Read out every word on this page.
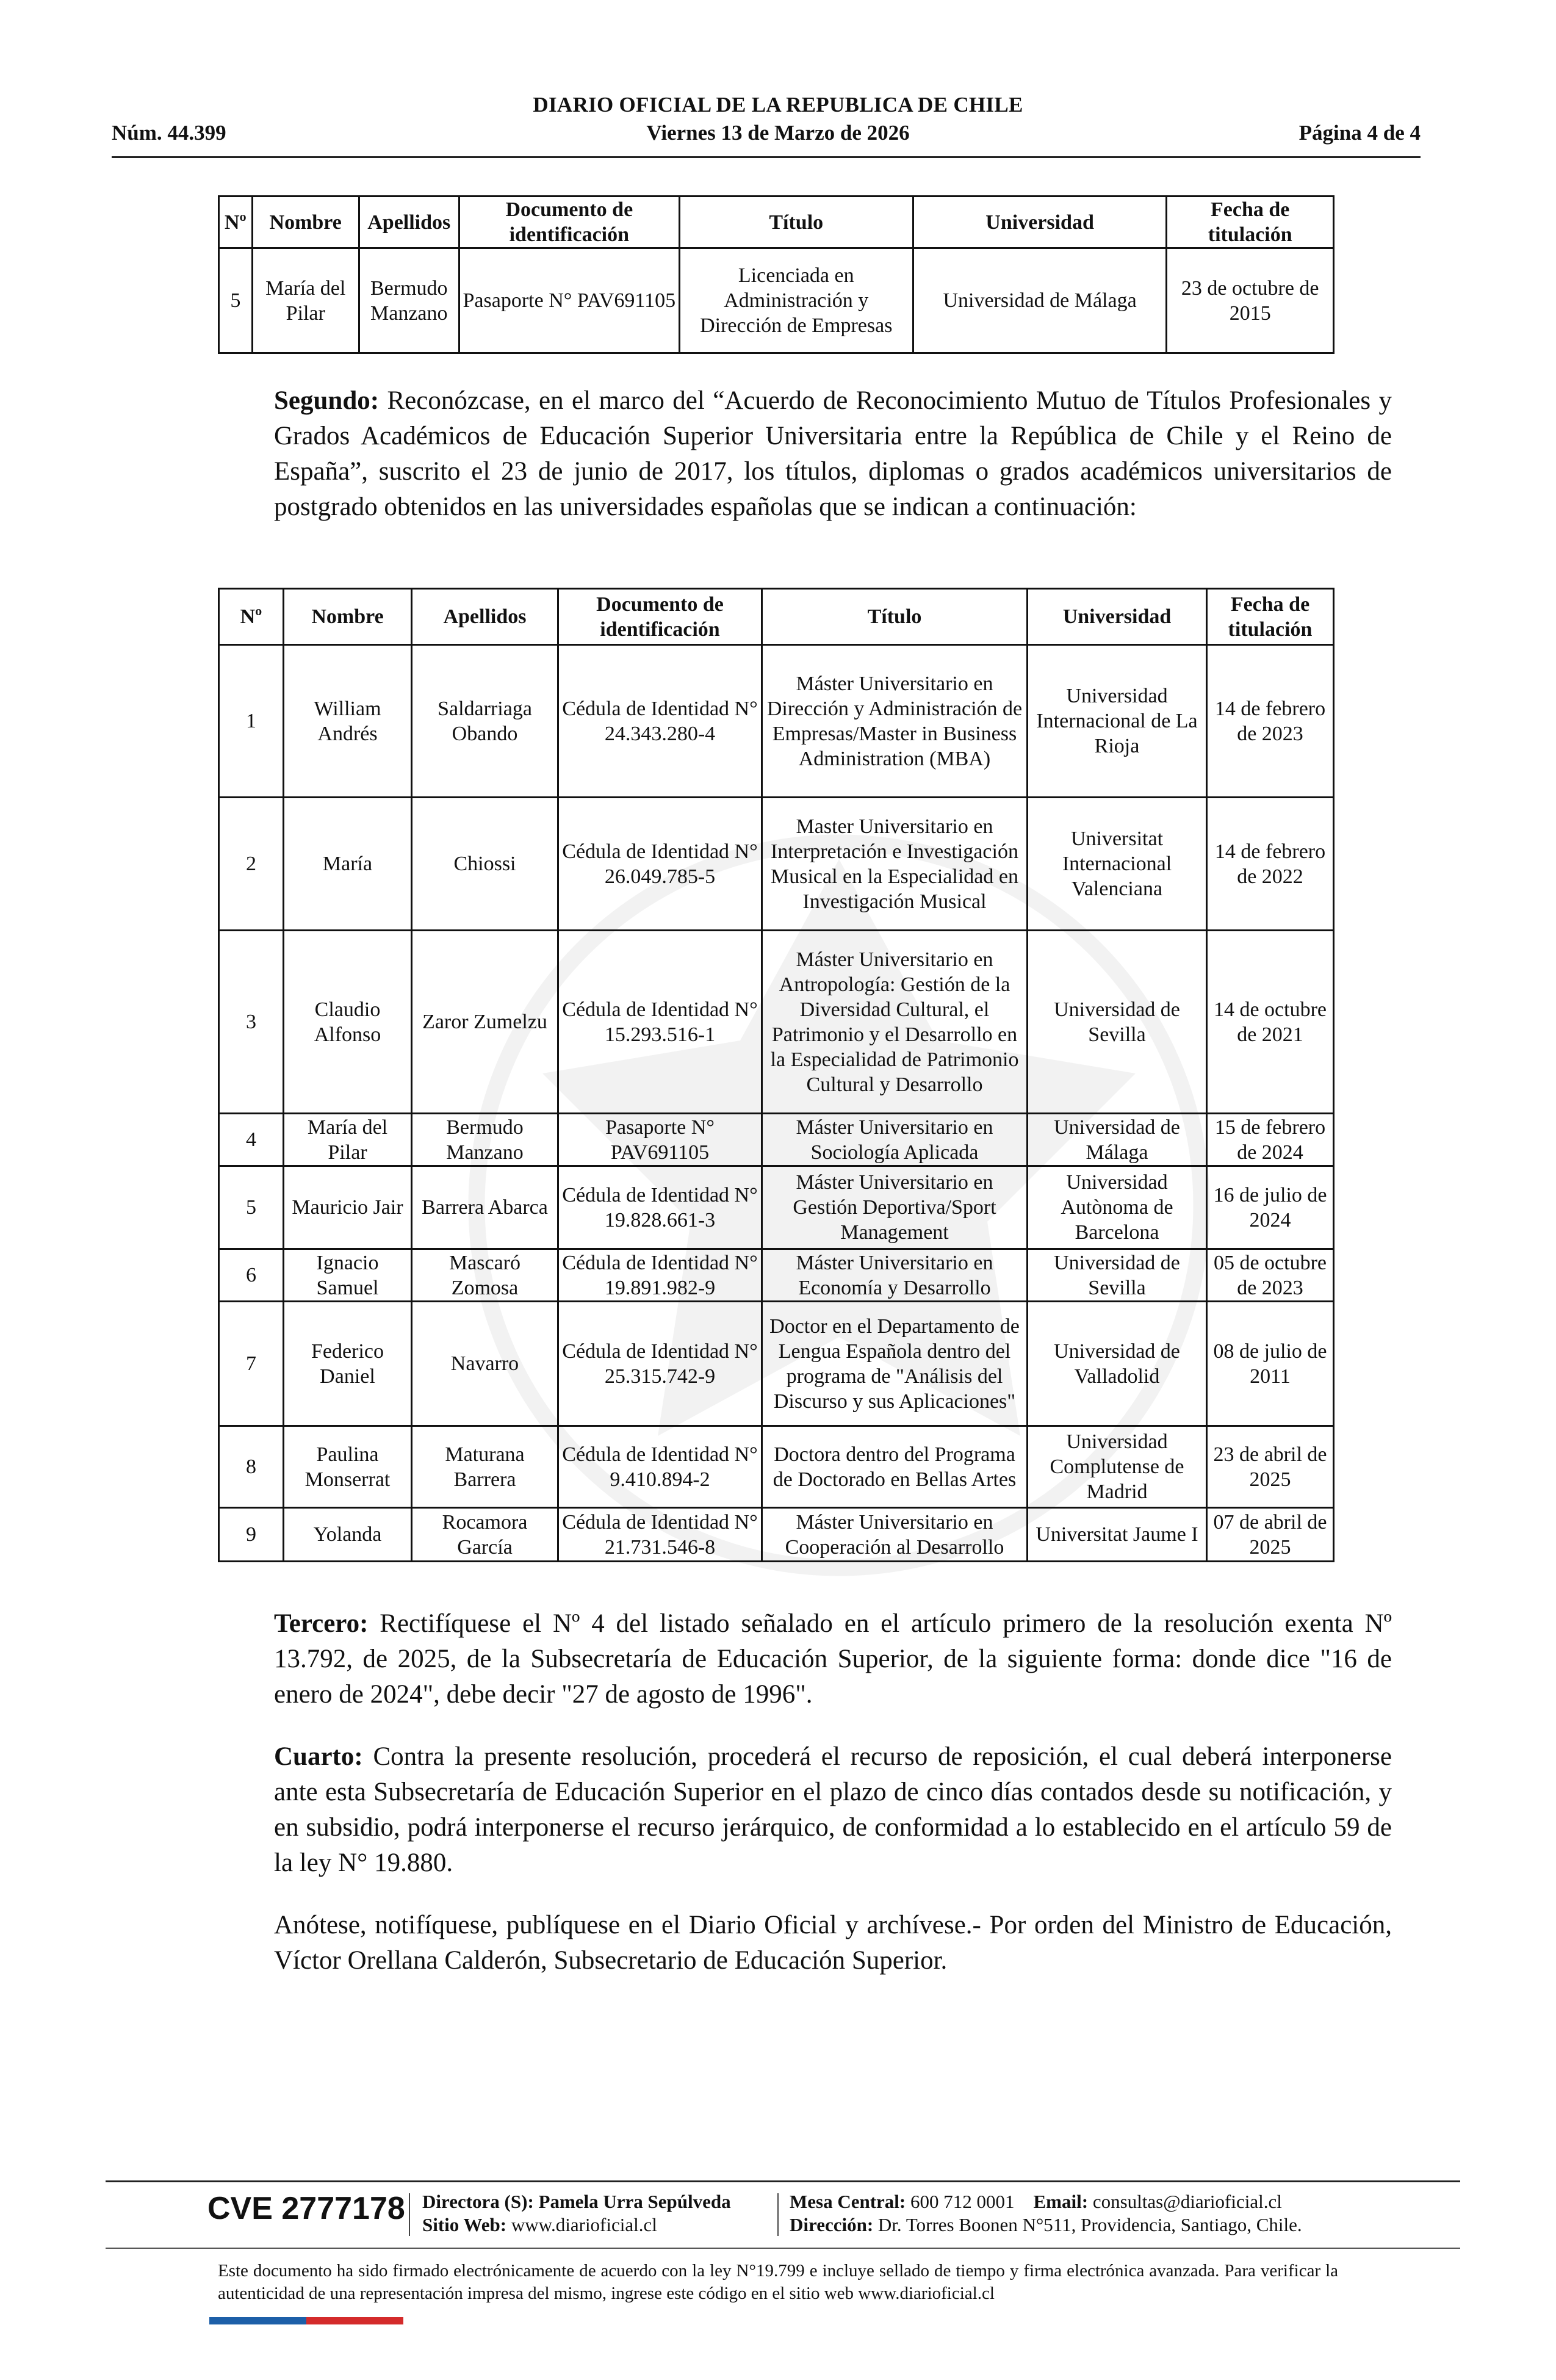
DIARIO OFICIAL DE LA REPUBLICA DE CHILE
Núm. 44.399	Viernes 13 de Marzo de 2026	Página 4 de 4
Nº	Nombre	Apellidos	Documento de identificación	Título	Universidad	Fecha de titulación
5	María del Pilar	Bermudo Manzano	Pasaporte N° PAV691105	Licenciada en Administración y Dirección de Empresas	Universidad de Málaga	23 de octubre de 2015
Segundo: Reconózcase, en el marco del “Acuerdo de Reconocimiento Mutuo de Títulos Profesionales y Grados Académicos de Educación Superior Universitaria entre la República de Chile y el Reino de España”, suscrito el 23 de junio de 2017, los títulos, diplomas o grados académicos universitarios de postgrado obtenidos en las universidades españolas que se indican a continuación:
Nº	Nombre	Apellidos	Documento de identificación	Título	Universidad	Fecha de titulación
1	William Andrés	Saldarriaga Obando	Cédula de Identidad N° 24.343.280-4	Máster Universitario en Dirección y Administración de Empresas/Master in Business Administration (MBA)	Universidad Internacional de La Rioja	14 de febrero de 2023
2	María	Chiossi	Cédula de Identidad N° 26.049.785-5	Master Universitario en Interpretación e Investigación Musical en la Especialidad en Investigación Musical	Universitat Internacional Valenciana	14 de febrero de 2022
3	Claudio Alfonso	Zaror Zumelzu	Cédula de Identidad N° 15.293.516-1	Máster Universitario en Antropología: Gestión de la Diversidad Cultural, el Patrimonio y el Desarrollo en la Especialidad de Patrimonio Cultural y Desarrollo	Universidad de Sevilla	14 de octubre de 2021
4	María del Pilar	Bermudo Manzano	Pasaporte N° PAV691105	Máster Universitario en Sociología Aplicada	Universidad de Málaga	15 de febrero de 2024
5	Mauricio Jair	Barrera Abarca	Cédula de Identidad N° 19.828.661-3	Máster Universitario en Gestión Deportiva/Sport Management	Universidad Autònoma de Barcelona	16 de julio de 2024
6	Ignacio Samuel	Mascaró Zomosa	Cédula de Identidad N° 19.891.982-9	Máster Universitario en Economía y Desarrollo	Universidad de Sevilla	05 de octubre de 2023
7	Federico Daniel	Navarro	Cédula de Identidad N° 25.315.742-9	Doctor en el Departamento de Lengua Española dentro del programa de "Análisis del Discurso y sus Aplicaciones"	Universidad de Valladolid	08 de julio de 2011
8	Paulina Monserrat	Maturana Barrera	Cédula de Identidad N° 9.410.894-2	Doctora dentro del Programa de Doctorado en Bellas Artes	Universidad Complutense de Madrid	23 de abril de 2025
9	Yolanda	Rocamora García	Cédula de Identidad N° 21.731.546-8	Máster Universitario en Cooperación al Desarrollo	Universitat Jaume I	07 de abril de 2025
Tercero: Rectifíquese el Nº 4 del listado señalado en el artículo primero de la resolución exenta Nº 13.792, de 2025, de la Subsecretaría de Educación Superior, de la siguiente forma: donde dice "16 de enero de 2024", debe decir "27 de agosto de 1996".
Cuarto: Contra la presente resolución, procederá el recurso de reposición, el cual deberá interponerse ante esta Subsecretaría de Educación Superior en el plazo de cinco días contados desde su notificación, y en subsidio, podrá interponerse el recurso jerárquico, de conformidad a lo establecido en el artículo 59 de la ley N° 19.880.
Anótese, notifíquese, publíquese en el Diario Oficial y archívese.- Por orden del Ministro de Educación, Víctor Orellana Calderón, Subsecretario de Educación Superior.
CVE 2777178 Directora (S): Pamela Urra Sepúlveda
Sitio Web: www.diarioficial.cl
Mesa Central: 600 712 0001 Email: consultas@diarioficial.cl
Dirección: Dr. Torres Boonen N°511, Providencia, Santiago, Chile.
Este documento ha sido firmado electrónicamente de acuerdo con la ley N°19.799 e incluye sellado de tiempo y firma electrónica avanzada. Para verificar la autenticidad de una representación impresa del mismo, ingrese este código en el sitio web www.diarioficial.cl
